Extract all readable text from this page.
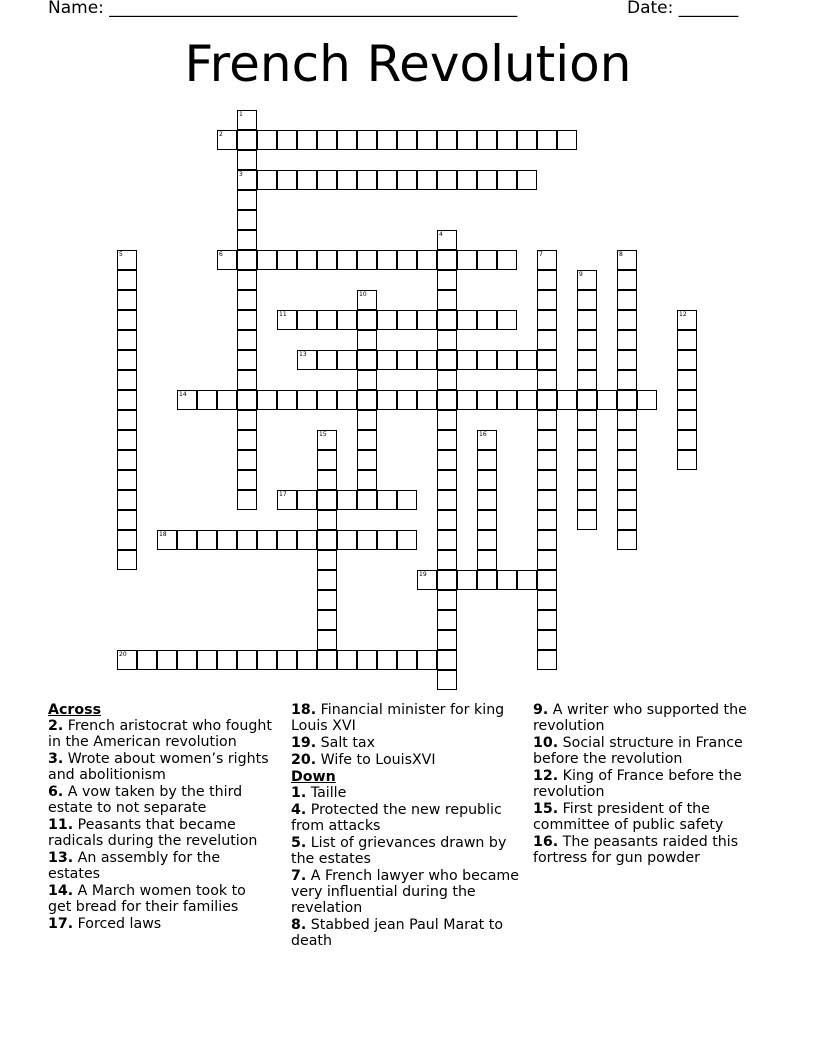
Name: ________________________________________________	Date: _______
French Revolution
1
3
2
4
5	6	7	8
9
10
11	12
13
14
15	16
17
18
19
20
Across
2. French aristocrat who fought in the American revolution
3. Wrote about women’s rights and abolitionism
6. A vow taken by the third estate to not separate
11. Peasants that became radicals during the revelution
13. An assembly for the estates
14. A March women took to get bread for their families
17. Forced laws
18. Financial minister for king Louis XVI
19. Salt tax
20. Wife to LouisXVI
Down
1. Taille
4. Protected the new republic from attacks
5. List of grievances drawn by the estates
7. A French lawyer who became very influential during the revelation
8. Stabbed jean Paul Marat to death
9. A writer who supported the revolution
10. Social structure in France before the revolution
12. King of France before the revolution
15. First president of the committee of public safety
16. The peasants raided this fortress for gun powder
